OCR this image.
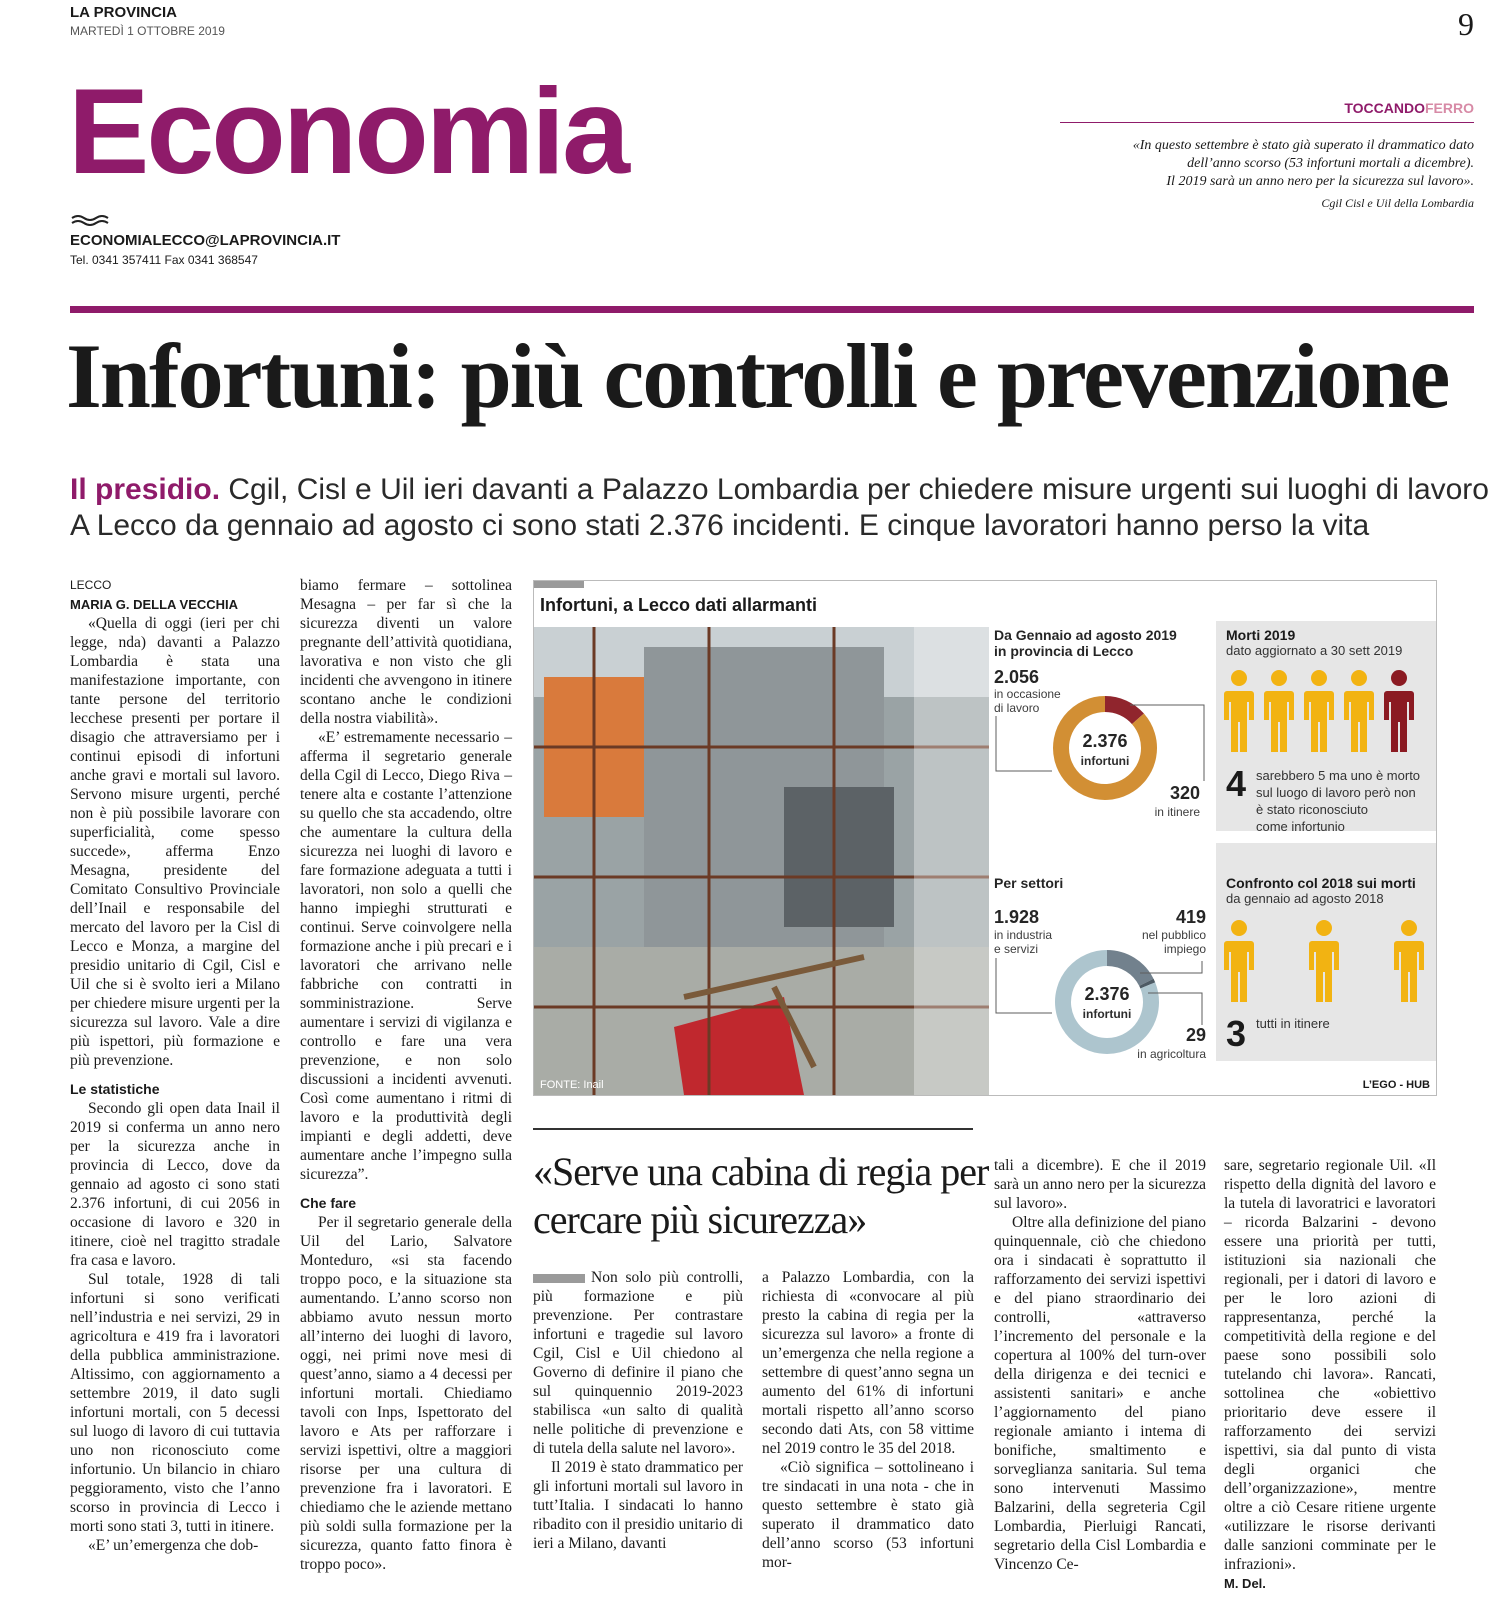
LA PROVINCIA
MARTEDÌ 1 OTTOBRE 2019	9
Economia
ECONOMIALECCO@LAPROVINCIA.IT
Tel. 0341 357411 Fax 0341 368547
TOCCANDOFERRO
«In questo settembre è stato già superato il drammatico dato
dell’anno scorso (53 infortuni mortali a dicembre).
Il 2019 sarà un anno nero per la sicurezza sul lavoro».
Cgil Cisl e Uil della Lombardia
Infortuni: più controlli e prevenzione
Il presidio. Cgil, Cisl e Uil ieri davanti a Palazzo Lombardia per chiedere misure urgenti sui luoghi di lavoro
A Lecco da gennaio ad agosto ci sono stati 2.376 incidenti. E cinque lavoratori hanno perso la vita
LECCO
MARIA G. DELLA VECCHIA

«Quella di oggi (ieri per chi legge, nda) davanti a Palazzo Lombardia è stata una manifestazione importante, con tante persone del territorio lecchese presenti per portare il disagio che attraversiamo per i continui episodi di infortuni anche gravi e mortali sul lavoro. Servono misure urgenti, perché non è più possibile lavorare con superficialità, come spesso succede», afferma Enzo Mesagna, presidente del Comitato Consultivo Provinciale dell’Inail e responsabile del mercato del lavoro per la Cisl di Lecco e Monza, a margine del presidio unitario di Cgil, Cisl e Uil che si è svolto ieri a Milano per chiedere misure urgenti per la sicurezza sul lavoro. Vale a dire più ispettori, più formazione e più prevenzione.

Le statistiche

Secondo gli open data Inail il 2019 si conferma un anno nero per la sicurezza anche in provincia di Lecco, dove da gennaio ad agosto ci sono stati 2.376 infortuni, di cui 2056 in occasione di lavoro e 320 in itinere, cioè nel tragitto stradale fra casa e lavoro.

Sul totale, 1928 di tali infortuni si sono verificati nell’industria e nei servizi, 29 in agricoltura e 419 fra i lavoratori della pubblica amministrazione. Altissimo, con aggiornamento a settembre 2019, il dato sugli infortuni mortali, con 5 decessi sul luogo di lavoro di cui tuttavia uno non riconosciuto come infortunio. Un bilancio in chiaro peggioramento, visto che l’anno scorso in provincia di Lecco i morti sono stati 3, tutti in itinere.

«E’ un’emergenza che dob-

biamo fermare – sottolinea Mesagna – per far sì che la sicurezza diventi un valore pregnante dell’attività quotidiana, lavorativa e non visto che gli incidenti che avvengono in itinere scontano anche le condizioni della nostra viabilità».

«E’ estremamente necessario – afferma il segretario generale della Cgil di Lecco, Diego Riva – tenere alta e costante l’attenzione su quello che sta accadendo, oltre che aumentare la cultura della sicurezza nei luoghi di lavoro e fare formazione adeguata a tutti i lavoratori, non solo a quelli che hanno impieghi strutturati e continui. Serve coinvolgere nella formazione anche i più precari e i lavoratori che arrivano nelle fabbriche con contratti in somministrazione. Serve aumentare i servizi di vigilanza e controllo e fare una vera prevenzione, e non solo discussioni a incidenti avvenuti. Così come aumentano i ritmi di lavoro e la produttività degli impianti e degli addetti, deve aumentare anche l’impegno sulla sicurezza”.

Che fare

Per il segretario generale della Uil del Lario, Salvatore Monteduro, «si sta facendo troppo poco, e la situazione sta aumentando. L’anno scorso non abbiamo avuto nessun morto all’interno dei luoghi di lavoro, oggi, nei primi nove mesi di quest’anno, siamo a 4 decessi per infortuni mortali. Chiediamo tavoli con Inps, Ispettorato del lavoro e Ats per rafforzare i servizi ispettivi, oltre a maggiori risorse per una cultura di prevenzione fra i lavoratori. E chiediamo che le aziende mettano più soldi sulla formazione per la sicurezza, quanto fatto finora è troppo poco».

Infortuni, a Lecco dati allarmanti
FONTE: Inail	L’EGO - HUB
Da Gennaio ad agosto 2019
in provincia di Lecco
2.056
in occasione
di lavoro
2.376
infortuni
320
in itinere
Morti 2019
dato aggiornato a 30 sett 2019
4 sarebbero 5 ma uno è morto
sul luogo di lavoro però non
è stato riconosciuto
come infortunio
Per settori
1.928
in industria
e servizi
419
nel pubblico
impiego
2.376
infortuni
29
in agricoltura
Confronto col 2018 sui morti
da gennaio ad agosto 2018
3 tutti in itinere
«Serve una cabina di regia per cercare più sicurezza»

Non solo più controlli, più formazione e più prevenzione. Per contrastare infortuni e tragedie sul lavoro Cgil, Cisl e Uil chiedono al Governo di definire il piano che sul quinquennio 2019-2023 stabilisca «un salto di qualità nelle politiche di prevenzione e di tutela della salute nel lavoro».

Il 2019 è stato drammatico per gli infortuni mortali sul lavoro in tutt’Italia. I sindacati lo hanno ribadito con il presidio unitario di ieri a Milano, davanti

a Palazzo Lombardia, con la richiesta di «convocare al più presto la cabina di regia per la sicurezza sul lavoro» a fronte di un’emergenza che nella regione a settembre di quest’anno segna un aumento del 61% di infortuni mortali rispetto all’anno scorso secondo dati Ats, con 58 vittime nel 2019 contro le 35 del 2018.

«Ciò significa – sottolineano i tre sindacati in una nota - che in questo settembre è stato già superato il drammatico dato dell’anno scorso (53 infortuni mor-

tali a dicembre). E che il 2019 sarà un anno nero per la sicurezza sul lavoro».

Oltre alla definizione del piano quinquennale, ciò che chiedono ora i sindacati è soprattutto il rafforzamento dei servizi ispettivi e del piano straordinario dei controlli, «attraverso l’incremento del personale e la copertura al 100% del turn-over della dirigenza e dei tecnici e assistenti sanitari» e anche l’aggiornamento del piano regionale amianto i intema di bonifiche, smaltimento e sorveglianza sanitaria. Sul tema sono intervenuti Massimo Balzarini, della segreteria Cgil Lombardia, Pierluigi Rancati, segretario della Cisl Lombardia e Vincenzo Ce-

sare, segretario regionale Uil. «Il rispetto della dignità del lavoro e la tutela di lavoratrici e lavoratori – ricorda Balzarini - devono essere una priorità per tutti, istituzioni sia nazionali che regionali, per i datori di lavoro e per le loro azioni di rappresentanza, perché la competitività della regione e del paese sono possibili solo tutelando chi lavora». Rancati, sottolinea che «obiettivo prioritario deve essere il rafforzamento dei servizi ispettivi, sia dal punto di vista degli organici che dell’organizzazione», mentre oltre a ciò Cesare ritiene urgente «utilizzare le risorse derivanti dalle sanzioni comminate per le infrazioni».

M. Del.
